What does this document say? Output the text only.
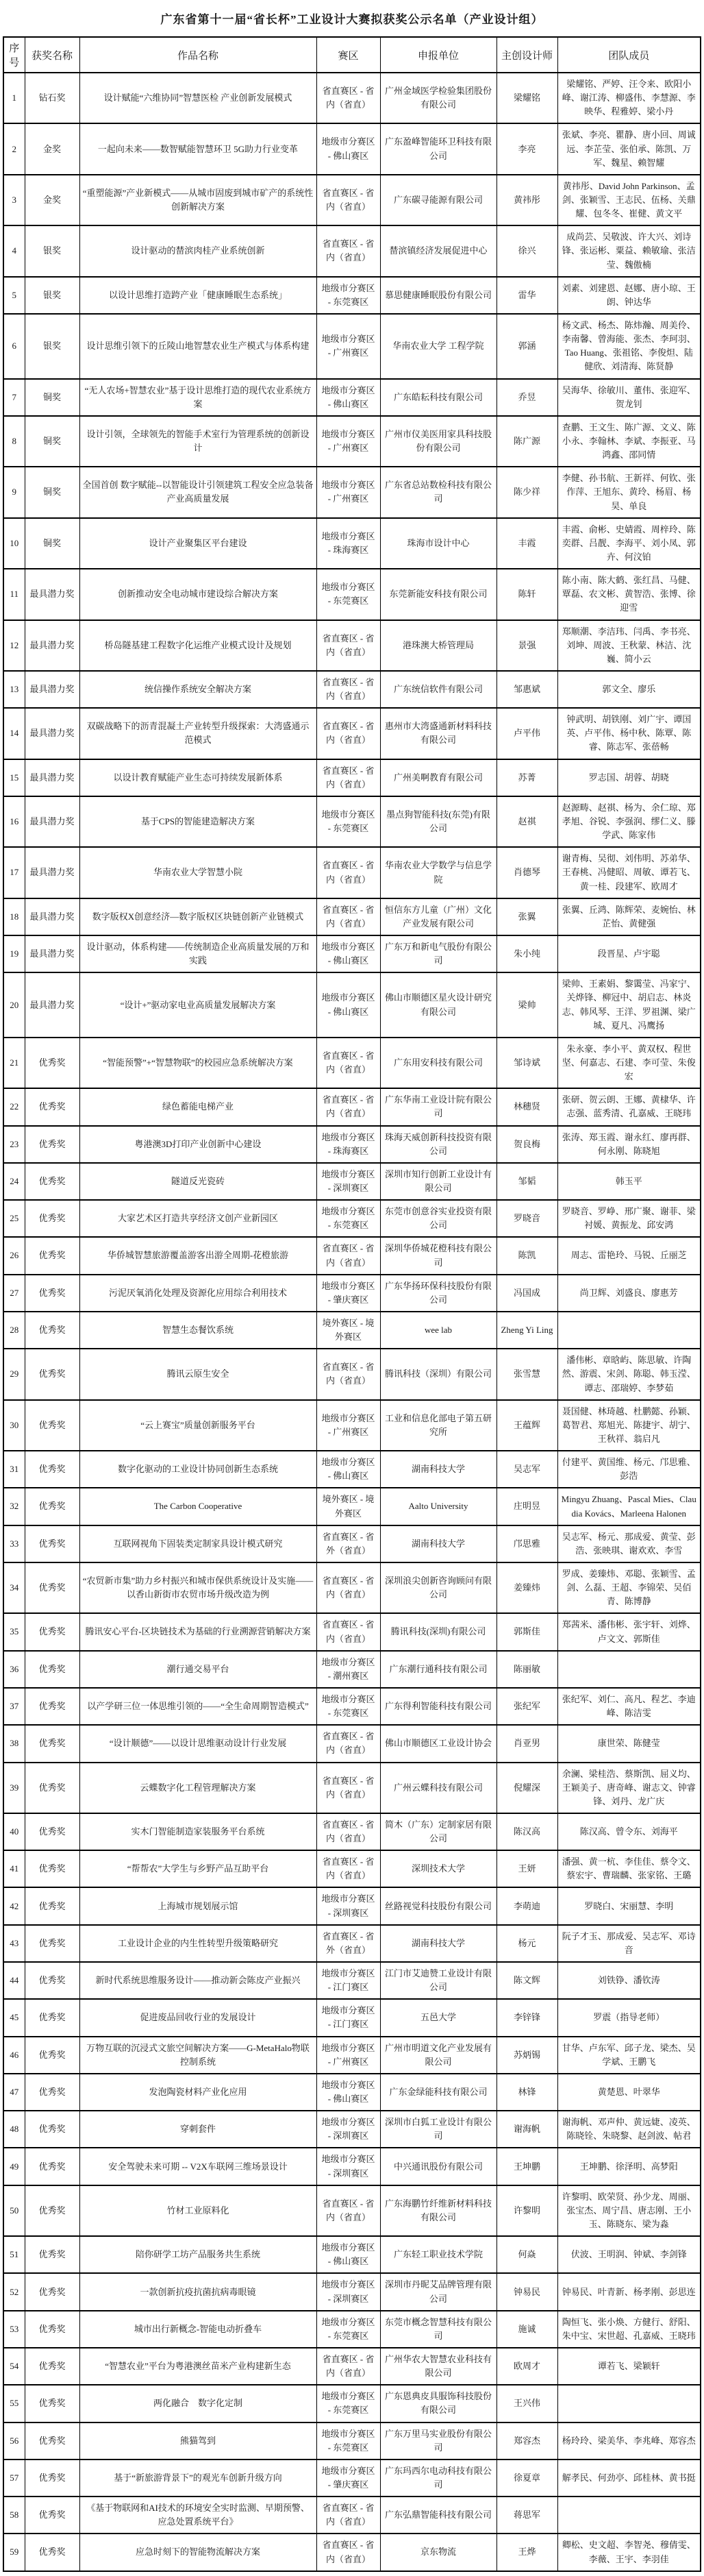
广东省第十一届“省长杯”工业设计大赛拟获奖公示名单（产业设计组）
序号	获奖名称	作品名称	赛区	申报单位	主创设计师	团队成员
1	钻石奖	设计赋能“六维协同”智慧医检 产业创新发展模式	省直赛区 - 省内（省直）	广州金域医学检验集团股份有限公司	梁耀铭	梁耀铭、严婷、汪令来、欧阳小峰、谢江涛、柳盛伟、李慧源、李映华、程雅婷、梁小丹
2	金奖	一起向未来——数智赋能智慧环卫 5G助力行业变革	地级市分赛区 - 佛山赛区	广东盈峰智能环卫科技有限公司	李亮	张斌、李亮、瞿静、唐小回、周诚远、李芷莹、张伯承、陈凯、万军、魏星、赖智耀
3	金奖	“重塑能源”产业新模式——从城市固废到城市矿产的系统性创新解决方案	省直赛区 - 省内（省直）	广东碳寻能源有限公司	黄祎彤	黄祎彤、David John Parkinson、孟剑、张颖雪、王志民、伍杨、关鼎耀、包冬冬、崔健、黄文平
4	银奖	设计驱动的榃滨肉桂产业系统创新	省直赛区 - 省内（省直）	榃滨镇经济发展促进中心	徐兴	成尚芸、吴敬波、许大兴、刘诗锋、张运彬、粟益、赖敏瑜、张洁莹、魏傲楠
5	银奖	以设计思维打造跨产业「健康睡眠生态系统」	地级市分赛区 - 东莞赛区	慕思健康睡眠股份有限公司	雷华	刘素、刘建恩、赵娜、唐小琼、王朗、钟达华
6	银奖	设计思维引领下的丘陵山地智慧农业生产模式与体系构建	地级市分赛区 - 广州赛区	华南农业大学 工程学院	郭涵	杨文武、杨杰、陈炜瀚、周美伶、李南馨、曾海能、张杰、李珂羽、Tao Huang、张祖铭、李俊炟、陆健欣、刘清海、陈贤静
7	铜奖	“无人农场+智慧农业”基于设计思维打造的现代农业系统方案	地级市分赛区 - 佛山赛区	广东皓耘科技有限公司	乔昱	吴海华、徐敏川、董伟、张迎军、贺龙钊
8	铜奖	设计引领，全球领先的智能手术室行为管理系统的创新设计	地级市分赛区 - 广州赛区	广州市仪美医用家具科技股份有限公司	陈广源	查鹏、王文生、陈广源、文义、陈小永、李翰林、李斌、李振亚、马鸿鑫、邵同情
9	铜奖	全国首创 数字赋能--以智能设计引领建筑工程安全应急装备产业高质量发展	地级市分赛区 - 广州赛区	广东省总站数检科技有限公司	陈少祥	李健、孙书航、王新祥、何钦、张作萍、王旭东、黄玲、杨眉、杨昊、单良
10	铜奖	设计产业聚集区平台建设	地级市分赛区 - 珠海赛区	珠海市设计中心	丰霞	丰霞、俞彬、史婧霞、周梓玲、陈奕群、吕靓、李海平、刘小凤、郭卉、何汶铂
11	最具潜力奖	创新推动安全电动城市建设综合解决方案	地级市分赛区 - 东莞赛区	东莞新能安科技有限公司	陈轩	陈小南、陈大鹤、张红昌、马健、覃磊、农文彬、黄智浩、张博、徐迎雪
12	最具潜力奖	桥岛隧基建工程数字化运维产业模式设计及规划	省直赛区 - 省内（省直）	港珠澳大桥管理局	景强	郑顺潮、李洁玮、闫禹、李书亮、刘坤、周波、王秋蒙、林洁、沈巍、简小云
13	最具潜力奖	统信操作系统安全解决方案	省直赛区 - 省内（省直）	广东统信软件有限公司	邹惠斌	郭文全、廖乐
14	最具潜力奖	双碳战略下的沥青混凝土产业转型升级探索：大湾盛通示范模式	省直赛区 - 省内（省直）	惠州市大湾盛通新材料科技有限公司	卢平伟	钟武明、胡铁刚、刘广宇、谭国英、卢平伟、杨中秋、陈覃、陈睿、陈志军、张蓓畅
15	最具潜力奖	以设计教育赋能产业生态可持续发展新体系	省直赛区 - 省内（省直）	广州美啊教育有限公司	苏菁	罗志国、胡蓉、胡晓
16	最具潜力奖	基于CPS的智能建造解决方案	地级市分赛区 - 东莞赛区	墨点狗智能科技(东莞)有限公司	赵祺	赵源畴、赵祺、杨为、余仁琼、郑孝旭、谷锐、李强润、缪仁义、滕学武、陈家伟
17	最具潜力奖	华南农业大学智慧小院	省直赛区 - 省内（省直）	华南农业大学数学与信息学院	肖德琴	谢青梅、吴彻、刘伟明、苏弟华、王春桃、冯健昭、周敏、谭若飞、黄一桂、段建军、欧周才
18	最具潜力奖	数字版权X创意经济—数字版权区块链创新产业链模式	省直赛区 - 省内（省直）	恒信东方儿童（广州）文化产业发展有限公司	张翼	张翼、丘鸿、陈辉荣、麦婉怡、林芷怡、黄健强
19	最具潜力奖	设计驱动，体系构建——传统制造企业高质量发展的万和实践	地级市分赛区 - 佛山赛区	广东万和新电气股份有限公司	朱小纯	段晋星、卢宇聪
20	最具潜力奖	“设计+”驱动家电业高质量发展解决方案	地级市分赛区 - 佛山赛区	佛山市顺德区星火设计研究有限公司	梁帅	梁帅、王素娟、黎霭莹、冯家宁、关烨锋、柳冠中、胡启志、林炎志、韩风琴、王洋、罗祖渊、梁广城、夏凡、冯鹰扬
21	优秀奖	“智能预警”+“智慧物联”的校园应急系统解决方案	省直赛区 - 省内（省直）	广东用安科技有限公司	邹诗斌	朱永豪、李小平、黄双权、程世坚、何嘉志、石建、李可莹、朱俊宏
22	优秀奖	绿色蓄能电梯产业	省直赛区 - 省内（省直）	广东华南工业设计院有限公司	林穗贤	张研、贺云朗、王娜、黄棣华、许志强、蓝秀清、孔嘉威、王晓玮
23	优秀奖	粤港澳3D打印产业创新中心建设	地级市分赛区 - 珠海赛区	珠海天威创新科技投资有限公司	贺良梅	张涛、郑玉霞、谢永红、廖再群、何永刚、陈晓旭
24	优秀奖	隧道反光瓷砖	地级市分赛区 - 深圳赛区	深圳市知行创新工业设计有限公司	邹韬	韩玉平
25	优秀奖	大家艺术区打造共享经济文创产业新园区	地级市分赛区 - 东莞赛区	东莞市创意谷实业投资有限公司	罗晓音	罗晓音、罗峥、邢广聚、谢菲、梁衬媛、黄振龙、邱安鸿
26	优秀奖	华侨城智慧旅游覆盖游客出游全周期-花橙旅游	省直赛区 - 省内（省直）	深圳华侨城花橙科技有限公司	陈凯	周志、雷艳玲、马锐、丘丽芝
27	优秀奖	污泥厌氧消化处理及资源化应用综合利用技术	地级市分赛区 - 肇庆赛区	广东华扬环保科技股份有限公司	冯国成	尚卫辉、刘盛良、廖惠芳
28	优秀奖	智慧生态餐饮系统	境外赛区 - 境外赛区	wee lab	Zheng Yi Ling	
29	优秀奖	腾讯云原生安全	省直赛区 - 省内（省直）	腾讯科技（深圳）有限公司	张雪慧	潘伟彬、章晗屿、陈思敏、许陶然、游震、宋剑、陈聪、韩玉滢、谭志、邵瑞婷、李梦茹
30	优秀奖	“云上赛宝”质量创新服务平台	地级市分赛区 - 广州赛区	工业和信息化部电子第五研究所	王蕴辉	聂国健、林琦越、杜鹏懿、孙颖、葛智君、郑旭光、陈捷宇、胡宁、王秋祥、翁启凡
31	优秀奖	数字化驱动的工业设计协同创新生态系统	地级市分赛区 - 佛山赛区	湖南科技大学	吴志军	付建平、黄国维、杨元、邝思雅、彭浩
32	优秀奖	The Carbon Cooperative	境外赛区 - 境外赛区	Aalto University	庄明昱	Mingyu Zhuang、Pascal Mies、Claudia Kovács、Marleena Halonen
33	优秀奖	互联网视角下固装类定制家具设计模式研究	省直赛区 - 省外（省直）	湖南科技大学	邝思雅	吴志军、杨元、那成爱、黄莹、彭浩、张映琪、谢欢欢、李雪
34	优秀奖	“农贸新市集”助力乡村振兴和城市保供系统设计及实施——以香山新街市农贸市场升级改造为例	省直赛区 - 省内（省直）	深圳浪尖创新咨询顾问有限公司	姜臻炜	罗成、姜臻炜、邓聪、张颖雪、孟剑、么磊、王超、李锦荣、吴佰青、陈博静
35	优秀奖	腾讯安心平台-区块链技术为基础的行业溯源营销解决方案	省直赛区 - 省内（省直）	腾讯科技(深圳)有限公司	郭斯佳	郑茜米、潘伟彬、张宇轩、刘烨、卢文文、郭斯佳
36	优秀奖	潮行通交易平台	地级市分赛区 - 潮州赛区	广东潮行通科技有限公司	陈丽敏	
37	优秀奖	以产学研三位一体思维引领的——“全生命周期智造模式”	地级市分赛区 - 东莞赛区	广东得利智能科技有限公司	张纪军	张纪军、刘仁、高凡、程艺、李迪峰、陈洁雯
38	优秀奖	“设计顺德”——以设计思维驱动设计行业发展	省直赛区 - 省内（省直）	佛山市顺德区工业设计协会	肖亚男	康世荣、陈健莹
39	优秀奖	云蝶数字化工程管理解决方案	省直赛区 - 省内（省直）	广州云蝶科技有限公司	倪耀深	余澜、梁桂浩、蔡斯凯、屈义均、王颖美子、唐奇峰、谢志文、钟睿锋、刘丹、龙广庆
40	优秀奖	实木门智能制造家装服务平台系统	省直赛区 - 省内（省直）	简木（广东）定制家居有限公司	陈汉高	陈汉高、曾令东、刘海平
41	优秀奖	“帮帮农”大学生与乡野产品互助平台	省直赛区 - 省内（省直）	深圳技术大学	王妍	潘强、黄一杭、李佳佳、蔡令文、蔡宏宇、曹瑞麟、张家铭、王璐
42	优秀奖	上海城市规划展示馆	地级市分赛区 - 深圳赛区	丝路视觉科技股份有限公司	李萌迪	罗晓白、宋丽慧、李明
43	优秀奖	工业设计企业的内生性转型升级策略研究	省直赛区 - 省外（省直）	湖南科技大学	杨元	阮子才玉、那成爱、吴志军、邓诗音
44	优秀奖	新时代系统思维服务设计——推动新会陈皮产业振兴	地级市分赛区 - 江门赛区	江门市艾迪赞工业设计有限公司	陈文辉	刘铁铮、潘钦涛
45	优秀奖	促进废品回收行业的发展设计	地级市分赛区 - 江门赛区	五邑大学	李锌锋	罗震（指导老师）
46	优秀奖	万物互联的沉浸式文旅空间解决方案——G-MetaHalo物联控制系统	地级市分赛区 - 广州赛区	广州市明道文化产业发展有限公司	苏炳锡	甘华、卢东军、邱子龙、梁杰、吴学斌、王鹏飞
47	优秀奖	发泡陶瓷材料产业化应用	地级市分赛区 - 佛山赛区	广东金绿能科技有限公司	林锋	黄楚恩、叶翠华
48	优秀奖	穿刺套件	地级市分赛区 - 深圳赛区	深圳市白狐工业设计有限公司	谢海帆	谢海帆、邓声仲、黄远婕、凌英、陈晓铨、朱晓黎、赵剑波、帖君
49	优秀奖	安全驾驶未来可期 -- V2X车联网三维场景设计	地级市分赛区 - 深圳赛区	中兴通讯股份有限公司	王坤鹏	王坤鹏、徐泽明、高梦阳
50	优秀奖	竹材工业原料化	省直赛区 - 省内（省直）	广东海鹏竹纤维新材料科技有限公司	许黎明	许黎明、欧荣贤、孙少龙、周丽、张宝杰、周宁昌、唐志刚、王小玉、陈晓东、梁为淼
51	优秀奖	陪你研学工坊产品服务共生系统	地级市分赛区 - 佛山赛区	广东轻工职业技术学院	何焱	伏波、王明润、钟斌、李剑锋
52	优秀奖	一款创新抗疫抗菌抗病毒眼镜	地级市分赛区 - 深圳赛区	深圳市丹昵艾品牌管理有限公司	钟易民	钟易民、叶青新、杨孝刚、彭思连
53	优秀奖	城市出行新概念-智能电动折叠车	地级市分赛区 - 东莞赛区	东莞市概念智慧科技有限公司	施诚	陶恒飞、张小焕、方健行、舒阳、朱中宝、宋世超、孔嘉威、王晓玮
54	优秀奖	“智慧农业”平台为粤港澳丝苗米产业构建新生态	省直赛区 - 省内（省直）	广州华农大智慧农业科技有限公司	欧周才	谭若飞、梁颖轩
55	优秀奖	两化融合　数字化定制	地级市分赛区 - 东莞赛区	广东恩典皮具服饰科技股份有限公司	王兴伟	
56	优秀奖	熊猫驾到	地级市分赛区 - 东莞赛区	广东万里马实业股份有限公司	郑容杰	杨玲玲、梁美华、李兆峰、郑容杰
57	优秀奖	基于“新旅游背景下”的观光车创新升级方向	地级市分赛区 - 肇庆赛区	广东玛西尔电动科技有限公司	徐夏章	解孝民、何劲亭、邱桂林、黄书挺
58	优秀奖	《基于物联网和AI技术的环境安全实时监测、早期预警、应急处置系统平台》	省直赛区 - 省内（省直）	广东弘鼎智能科技有限公司	蒋思军	
59	优秀奖	应急时刻下的智能物流解决方案	省直赛区 - 省内（省直）	京东物流	王烨	卿松、史文超、李智尧、穆倩雯、李薇、王宇、李羽佳
